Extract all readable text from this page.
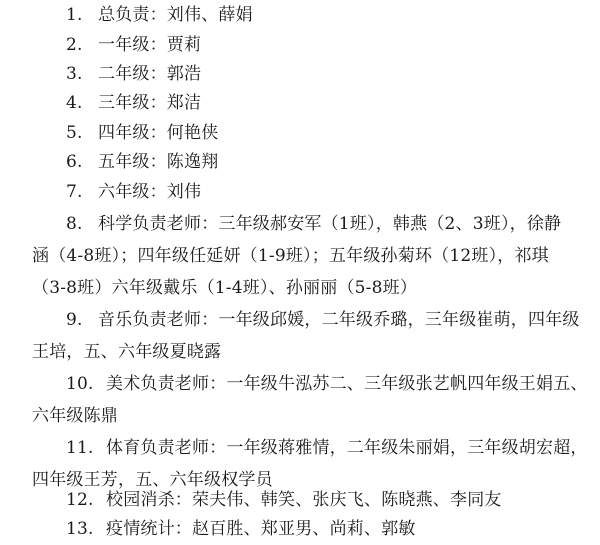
1. 总负责：刘伟、薛娟
2. 一年级：贾莉
3. 二年级：郭浩
4. 三年级：郑洁
5. 四年级：何艳侠
6. 五年级：陈逸翔
7. 六年级：刘伟
8. 科学负责老师：三年级郝安军（1班），韩燕（2、3班），徐静
涵（4-8班）；四年级任延妍（1-9班）；五年级孙菊环（12班），祁琪
（3-8班）六年级戴乐（1-4班）、孙丽丽（5-8班）
9. 音乐负责老师：一年级邱媛，二年级乔璐，三年级崔萌，四年级
王培，五、六年级夏晓露
10. 美术负责老师：一年级牛泓苏二、三年级张艺帆四年级王娟五、
六年级陈鼎
11. 体育负责老师：一年级蒋雅情，二年级朱丽娟，三年级胡宏超，
四年级王芳，五、六年级权学员
12. 校园消杀：荣夫伟、韩笑、张庆飞、陈晓燕、李同友
13. 疫情统计：赵百胜、郑亚男、尚莉、郭敏
